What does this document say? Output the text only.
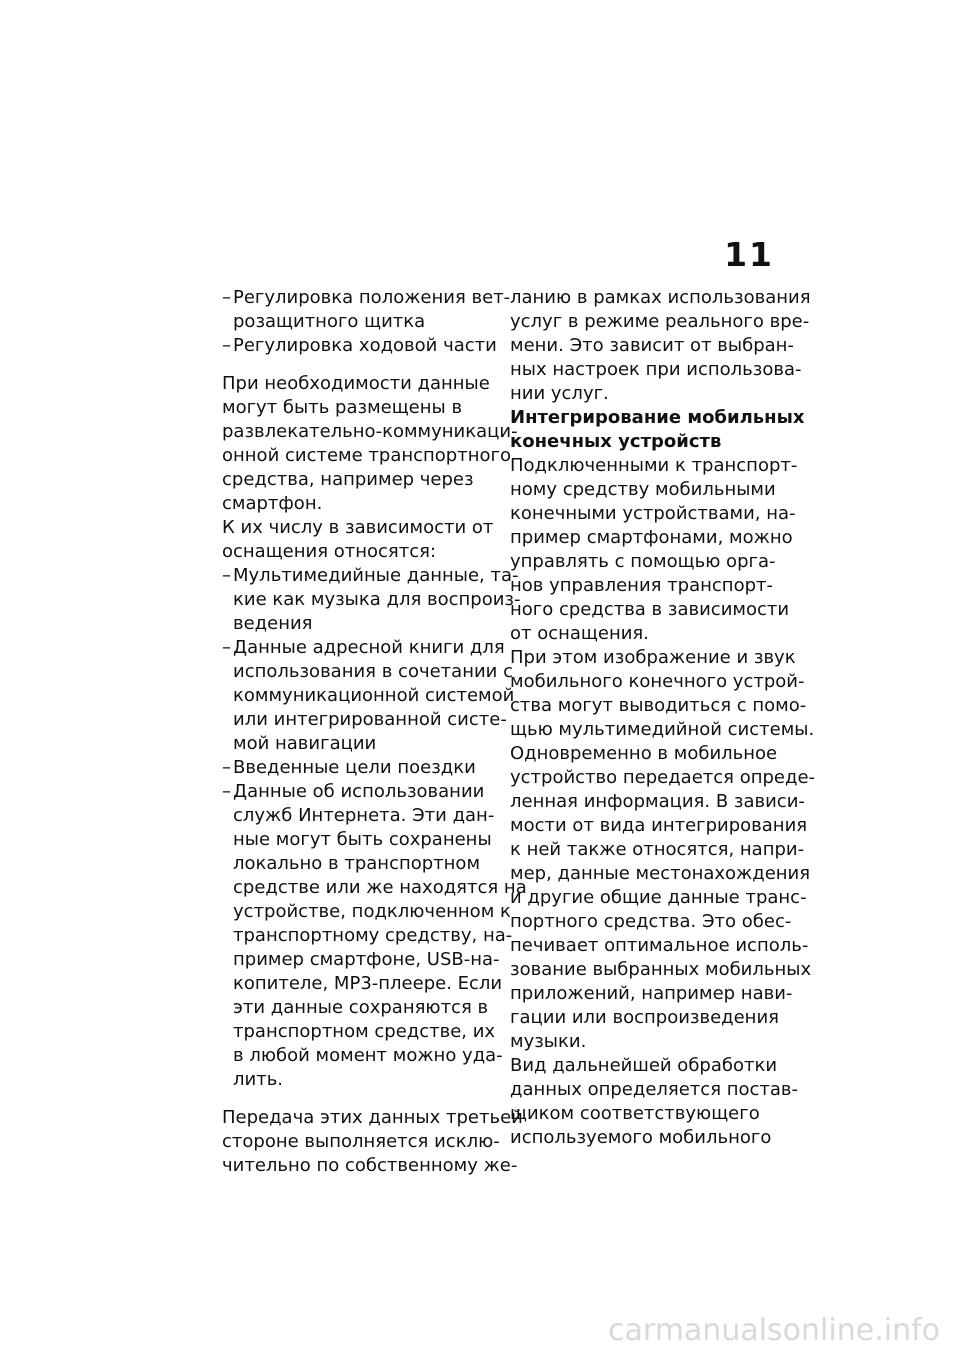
11
– Регулировка положения вет-
розащитного щитка
– Регулировка ходовой части
При необходимости данные
могут быть размещены в
развлекательно-коммуникаци-
онной системе транспортного
средства, например через
смартфон.
К их числу в зависимости от
оснащения относятся:
– Мультимедийные данные, та-
кие как музыка для воспроиз-
ведения
– Данные адресной книги для
использования в сочетании с
коммуникационной системой
или интегрированной систе-
мой навигации
– Введенные цели поездки
– Данные об использовании
служб Интернета. Эти дан-
ные могут быть сохранены
локально в транспортном
средстве или же находятся на
устройстве, подключенном к
транспортному средству, на-
пример смартфоне, USB-на-
копителе, MP3-плеере. Если
эти данные сохраняются в
транспортном средстве, их
в любой момент можно уда-
лить.
Передача этих данных третьей
стороне выполняется исклю-
чительно по собственному же-
ланию в рамках использования
услуг в режиме реального вре-
мени. Это зависит от выбран-
ных настроек при использова-
нии услуг.
Интегрирование мобильных
конечных устройств
Подключенными к транспорт-
ному средству мобильными
конечными устройствами, на-
пример смартфонами, можно
управлять с помощью орга-
нов управления транспорт-
ного средства в зависимости
от оснащения.
При этом изображение и звук
мобильного конечного устрой-
ства могут выводиться с помо-
щью мультимедийной системы.
Одновременно в мобильное
устройство передается опреде-
ленная информация. В зависи-
мости от вида интегрирования
к ней также относятся, напри-
мер, данные местонахождения
и другие общие данные транс-
портного средства. Это обес-
печивает оптимальное исполь-
зование выбранных мобильных
приложений, например нави-
гации или воспроизведения
музыки.
Вид дальнейшей обработки
данных определяется постав-
щиком соответствующего
используемого мобильного
carmanualsonline.info
